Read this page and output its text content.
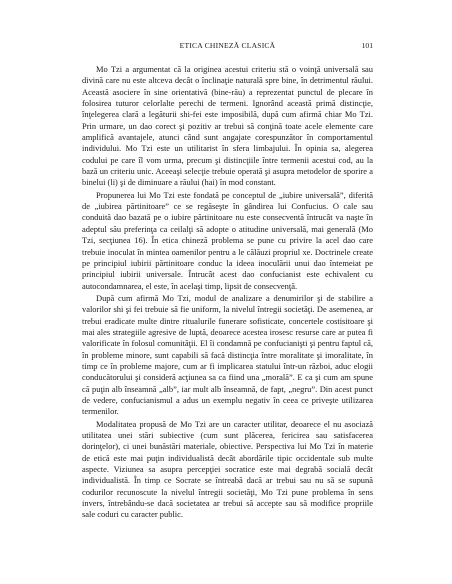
ETICA CHINEZĂ CLASICĂ	101

Mo Tzi a argumentat că la originea acestui criteriu stă o voinţă universală sau divină care nu este altceva decât o înclinaţie naturală spre bine, în detrimentul răului. Această asociere în sine orientativă (bine-rău) a reprezentat punctul de plecare în folosirea tuturor celorlalte perechi de termeni. Ignorând această primă distincţie, înţelegerea clară a legăturii shi-fei este imposibilă, după cum afirmă chiar Mo Tzi. Prin urmare, un dao corect şi pozitiv ar trebui să conţină toate acele elemente care amplifică avantajele, atunci când sunt angajate corespunzător în comportamentul individului. Mo Tzi este un utilitarist în sfera limbajului. În opinia sa, alegerea codului pe care îl vom urma, precum şi distincţiile între termenii acestui cod, au la bază un criteriu unic. Aceeaşi selecţie trebuie operată şi asupra metodelor de sporire a binelui (li) şi de diminuare a răului (hai) în mod constant.

Propunerea lui Mo Tzi este fondată pe conceptul de „iubire universală”, diferită de „iubirea părtinitoare” ce se regăseşte în gândirea lui Confucius. O cale sau conduită dao bazată pe o iubire părtinitoare nu este consecventă întrucât va naşte în adeptul său preferinţa ca ceilalţi să adopte o atitudine universală, mai generală (Mo Tzi, secţiunea 16). În etica chineză problema se pune cu privire la acel dao care trebuie inoculat în mintea oamenilor pentru a le călăuzi propriul xe. Doctrinele create pe principiul iubirii părtinitoare conduc la ideea inoculării unui dao întemeiat pe principiul iubirii universale. Întrucât acest dao confucianist este echivalent cu autocondamnarea, el este, în acelaşi timp, lipsit de consecvenţă.

După cum afirmă Mo Tzi, modul de analizare a denumirilor şi de stabilire a valorilor shi şi fei trebuie să fie uniform, la nivelul întregii societăţi. De asemenea, ar trebui eradicate multe dintre ritualurile funerare sofisticate, concertele costisitoare şi mai ales strategiile agresive de luptă, deoarece acestea irosesc resurse care ar putea fi valorificate în folosul comunităţii. El îi condamnă pe confucianişti şi pentru faptul că, în probleme minore, sunt capabili să facă distincţia între moralitate şi imoralitate, în timp ce în probleme majore, cum ar fi implicarea statului într-un război, aduc elogii conducătorului şi consideră acţiunea sa ca fiind una „morală”. E ca şi cum am spune că puţin alb înseamnă „alb”, iar mult alb înseamnă, de fapt, „negru”. Din acest punct de vedere, confucianismul a adus un exemplu negativ în ceea ce priveşte utilizarea termenilor.

Modalitatea propusă de Mo Tzi are un caracter utilitar, deoarece el nu asociază utilitatea unei stări subiective (cum sunt plăcerea, fericirea sau satisfacerea dorinţelor), ci unei bunăstări materiale, obiective. Perspectiva lui Mo Tzi în materie de etică este mai puţin individualistă decât abordările tipic occidentale sub multe aspecte. Viziunea sa asupra percepţiei socratice este mai degrabă socială decât individualistă. În timp ce Socrate se întreabă dacă ar trebui sau nu să se supună codurilor recunoscute la nivelul întregii societăţi, Mo Tzi pune problema în sens invers, întrebându-se dacă societatea ar trebui să accepte sau să modifice propriile sale coduri cu caracter public.
